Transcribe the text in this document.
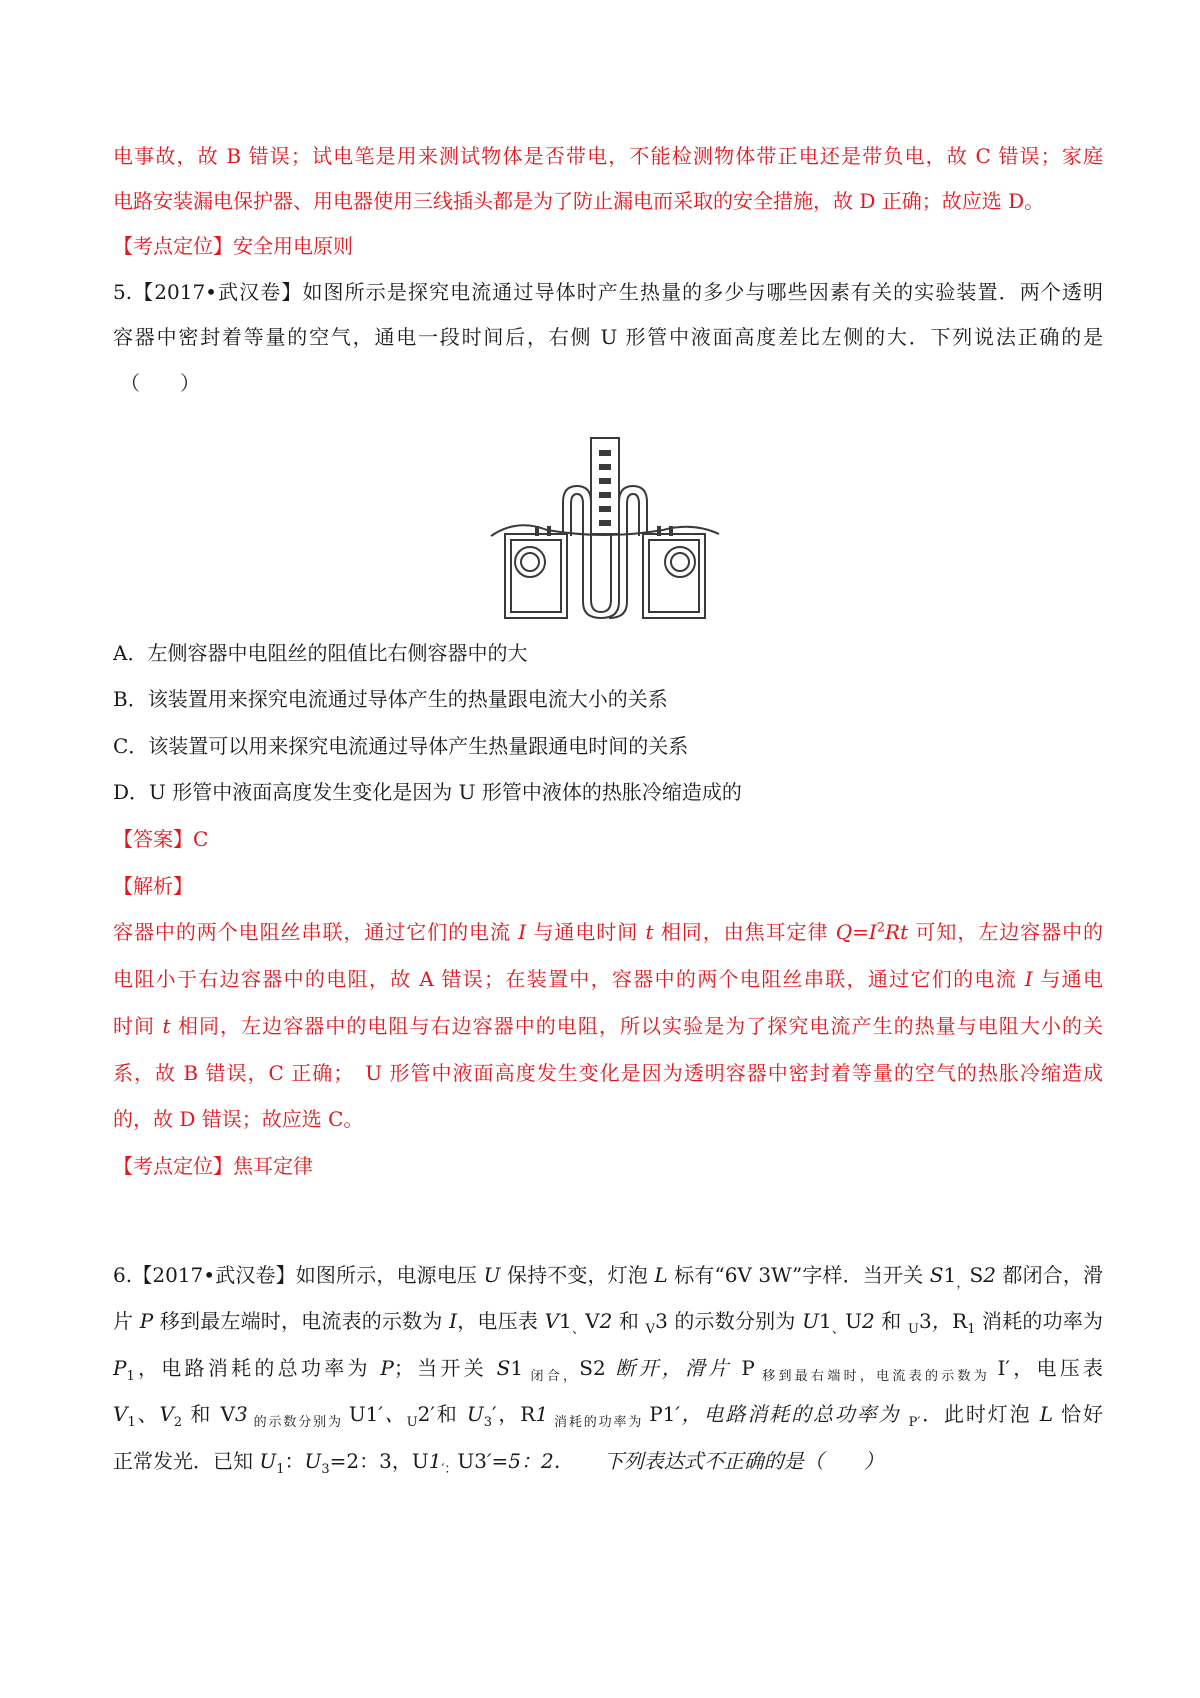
电事故，故 B 错误；试电笔是用来测试物体是否带电，不能检测物体带正电还是带负电，故 C 错误；家庭
电路安装漏电保护器、用电器使用三线插头都是为了防止漏电而采取的安全措施，故 D 正确；故应选 D。
【考点定位】安全用电原则
5.【2017•武汉卷】如图所示是探究电流通过导体时产生热量的多少与哪些因素有关的实验装置．两个透明
容器中密封着等量的空气，通电一段时间后，右侧 U 形管中液面高度差比左侧的大．下列说法正确的是
（　　）
A．左侧容器中电阻丝的阻值比右侧容器中的大
B．该装置用来探究电流通过导体产生的热量跟电流大小的关系
C．该装置可以用来探究电流通过导体产生热量跟通电时间的关系
D．U 形管中液面高度发生变化是因为 U 形管中液体的热胀冷缩造成的
【答案】C
【解析】
容器中的两个电阻丝串联，通过它们的电流 I 与通电时间 t 相同，由焦耳定律 $Q=I^2Rt$ 可知，左边容器中的
电阻小于右边容器中的电阻，故 A 错误；在装置中，容器中的两个电阻丝串联，通过它们的电流 I 与通电
时间 t 相同，左边容器中的电阻与右边容器中的电阻，所以实验是为了探究电流产生的热量与电阻大小的关
系，故 B 错误，C 正确；　U 形管中液面高度发生变化是因为透明容器中密封着等量的空气的热胀冷缩造成
的，故 D 错误；故应选 C。
【考点定位】焦耳定律
6.【2017•武汉卷】如图所示，电源电压 U 保持不变，灯泡 L 标有“6V 3W”字样．当开关 $S1_,S2$ 都闭合，滑
片 P 移到最左端时，电流表的示数为 I，电压表 $V1_、V2$ 和 $_V$3 的示数分别为 $U1_、U2$ 和 $_U$3，$R_1$ 消耗的功率为
$P_1$，电路消耗的总功率为 P；当开关 S1 $_{闭合,}$S2 断开，滑片 P $_{移到最右端时,电流表的示数为}$ I′，电压表
$V_1$、$V_2$ 和 V3 $_{的示数分别为}$ U1′、$_U$2′和 $U_3'$，R1 $_{消耗的功率为}$ P1′，电路消耗的总功率为 $_{P'}$．此时灯泡 L 恰好
正常发光．已知 $U_1$：$U_3=2$：3，$U1_{':}U3'=5$：2．　　下列表达式不正确的是（　　）
